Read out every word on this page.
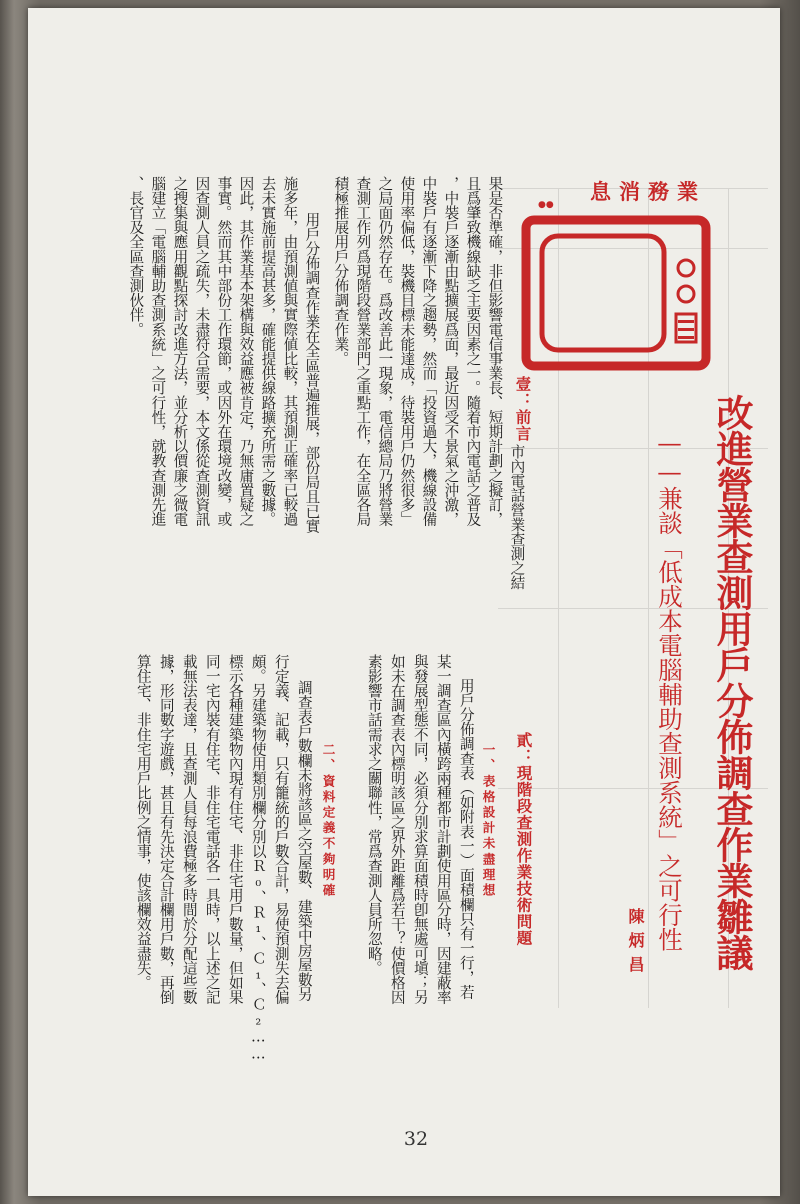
業務消息
●●
改進營業查測用戶分佈調查作業雛議
——兼談「低成本電腦輔助查測系統」之可行性
陳炳昌
壹：前言
貳：現階段查測作業技術問題
一、表格設計未盡理想
二、資料定義不夠明確
市內電話營業查測之結
果是否準確，非但影響電信事業長、短期計劃之擬訂，
且爲肇致機線缺乏主要因素之一。隨着市內電話之普及
，中裝戶逐漸由點擴展爲面，最近因受不景氣之沖激，
中裝戶有逐漸下降之趨勢，然而「投資過大，機線設備
使用率偏低，裝機目標未能達成，待裝用戶仍然很多」
之局面仍然存在。爲改善此一現象，電信總局乃將營業
查測工作列爲現階段營業部門之重點工作，在全區各局
積極推展用戶分佈調查作業。
用戶分佈調查作業在全區普遍推展，部份局且已實
施多年，由預測値與實際値比較，其預測正確率已較過
去未實施前提高甚多，確能提供線路擴充所需之數據。
因此，其作業基本架構與效益應被肯定，乃無庸置疑之
事實。然而其中部份工作環節，或因外在環境改變，或
因查測人員之疏失，未盡符合需要，本文係從查測資訊
之搜集與應用觀點探討改進方法，並分析以價廉之微電
腦建立「電腦輔助查測系統」之可行性，就教查測先進
、長官及全區查測伙伴。
用戶分佈調查表（如附表一）面積欄只有一行，若
某一調查區內橫跨兩種都市計劃使用區分時，因建蔽率
與發展型態不同，必須分別求算面積時卽無處可塡；另
如未在調查表內標明該區之界外距離爲若干？使價格因
素影響市話需求之關聯性，常爲查測人員所忽略。
調查表戶數欄未將該區之空屋數、建築中房屋數另
行定義、記載，只有籠統的戶數合計，易使預測失去偏
頗。另建築物使用類別欄分別以Ｒ₀、Ｒ₁、Ｃ₁、Ｃ₂……
標示各種建築物內現有住宅、非住宅用戶數量，但如果
同一宅內裝有住宅、非住宅電話各一具時，以上述之記
載無法表達，且查測人員每浪費極多時間於分配這些數
據，形同數字遊戲，甚且有先決定合計欄用戶數，再倒
算住宅、非住宅用戶比例之情事，使該欄效益盡失。
32
